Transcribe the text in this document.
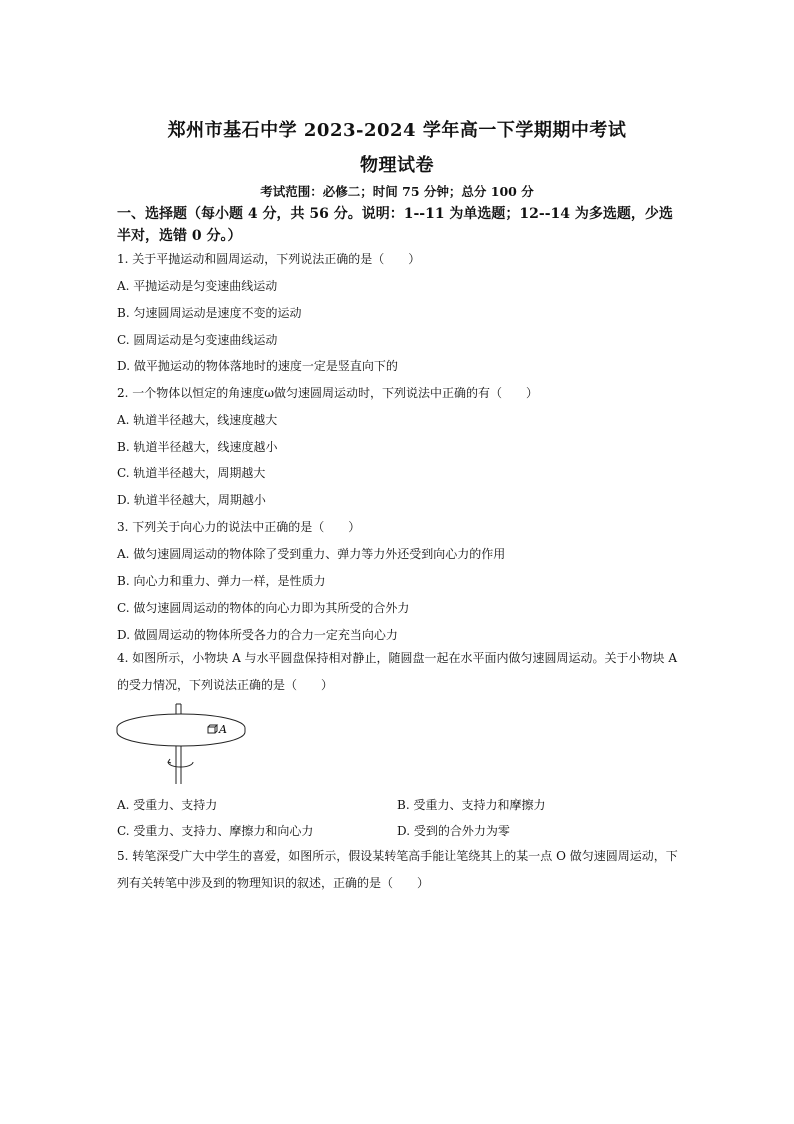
郑州市基石中学 2023-2024 学年高一下学期期中考试
物理试卷
考试范围：必修二；时间 75 分钟；总分 100 分
一、选择题（每小题 4 分，共 56 分。说明：1--11 为单选题；12--14 为多选题，少选半对，选错 0 分。）
1. 关于平抛运动和圆周运动，下列说法正确的是（　　）
A. 平抛运动是匀变速曲线运动
B. 匀速圆周运动是速度不变的运动
C. 圆周运动是匀变速曲线运动
D. 做平抛运动的物体落地时的速度一定是竖直向下的
2. 一个物体以恒定的角速度ω做匀速圆周运动时，下列说法中正确的有（　　）
A. 轨道半径越大，线速度越大
B. 轨道半径越大，线速度越小
C. 轨道半径越大，周期越大
D. 轨道半径越大，周期越小
3. 下列关于向心力的说法中正确的是（　　）
A. 做匀速圆周运动的物体除了受到重力、弹力等力外还受到向心力的作用
B. 向心力和重力、弹力一样，是性质力
C. 做匀速圆周运动的物体的向心力即为其所受的合外力
D. 做圆周运动的物体所受各力的合力一定充当向心力
4. 如图所示，小物块 A 与水平圆盘保持相对静止，随圆盘一起在水平面内做匀速圆周运动。关于小物块 A 的受力情况，下列说法正确的是（　　）
A
A. 受重力、支持力	B. 受重力、支持力和摩擦力
C. 受重力、支持力、摩擦力和向心力	D. 受到的合外力为零
5. 转笔深受广大中学生的喜爱，如图所示，假设某转笔高手能让笔绕其上的某一点 O 做匀速圆周运动，下列有关转笔中涉及到的物理知识的叙述，正确的是（　　）
